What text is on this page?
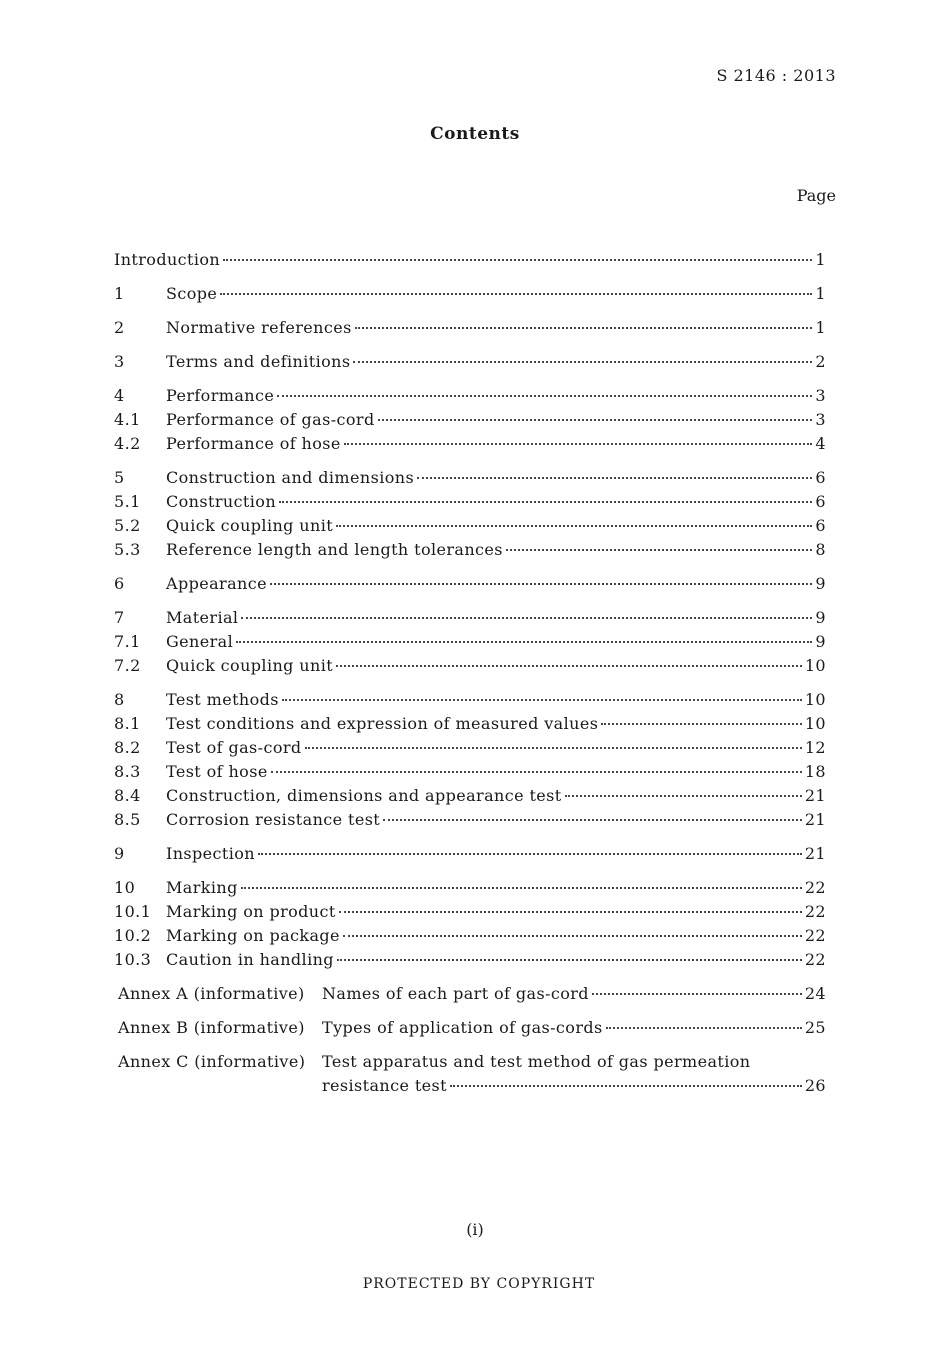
S 2146 : 2013
Contents
Page
Introduction	1
1	Scope	1
2	Normative references	1
3	Terms and definitions	2
4	Performance	3
4.1	Performance of gas-cord	3
4.2	Performance of hose	4
5	Construction and dimensions	6
5.1	Construction	6
5.2	Quick coupling unit	6
5.3	Reference length and length tolerances	8
6	Appearance	9
7	Material	9
7.1	General	9
7.2	Quick coupling unit	10
8	Test methods	10
8.1	Test conditions and expression of measured values	10
8.2	Test of gas-cord	12
8.3	Test of hose	18
8.4	Construction, dimensions and appearance test	21
8.5	Corrosion resistance test	21
9	Inspection	21
10	Marking	22
10.1 Marking on product	22
10.2 Marking on package	22
10.3 Caution in handling	22
Annex A (informative)	Names of each part of gas-cord	24
Annex B (informative)	Types of application of gas-cords	25
Annex C (informative)	Test apparatus and test method of gas permeation
resistance test	26
(i)
PROTECTED BY COPYRIGHT
